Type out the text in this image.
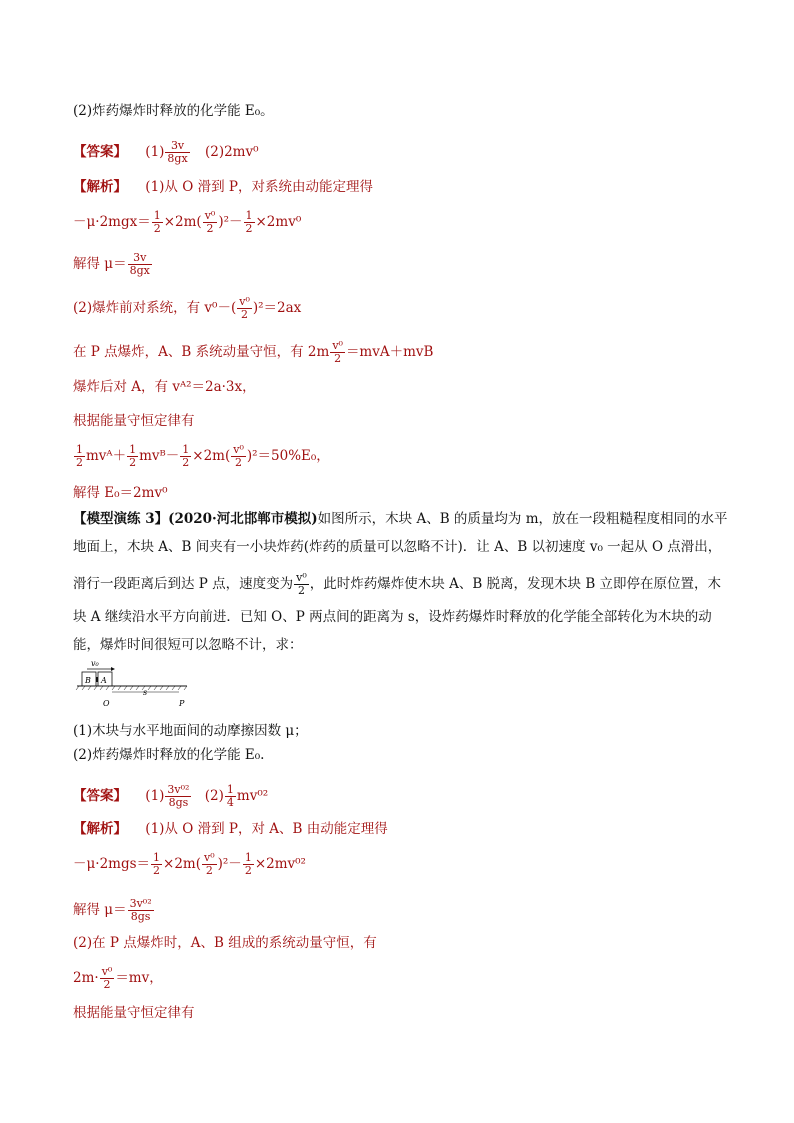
(2)炸药爆炸时释放的化学能 E₀。
【答案】 $(1) \frac{3v}{8gx} (2)2mv^0$
【解析】 (1)从 O 滑到 P，对系统由动能定理得
$-\mu\cdot 2mgx= \frac{1}{2} \times 2m( \frac{\text{v⁰}}{2} )^2- \frac{1}{2} \times 2mv^0$
解得 $\mu= \frac{3v}{8gx}$
(2)爆炸前对系统，有 $v^0-( \frac{\text{v⁰}}{2} )^2=2ax$
在 P 点爆炸，A、B 系统动量守恒，有 $2m \frac{\text{v⁰}}{2} =mvA+mvB$
爆炸后对 A，有 vᴬ²＝2a·3x，
根据能量守恒定律有
$\frac{1}{2}$ mvᴬ＋ $\frac{1}{2}$ mvᴮ－ $\frac{1}{2} \times 2m( \frac{\text{v⁰}}{2} )^2=50\%E_0$，
解得 E₀＝2mv⁰
【模型演练 3】(2020·河北邯郸市模拟)如图所示，木块 A、B 的质量均为 m，放在一段粗糙程度相同的水平
地面上，木块 A、B 间夹有一小块炸药(炸药的质量可以忽略不计)．让 A、B 以初速度 v₀ 一起从 O 点滑出，
滑行一段距离后到达 P 点，速度变为 $\frac{\text{v⁰}}{2}$ ，此时炸药爆炸使木块 A、B 脱离，发现木块 B 立即停在原位置，木
块 A 继续沿水平方向前进．已知 O、P 两点间的距离为 s，设炸药爆炸时释放的化学能全部转化为木块的动
能，爆炸时间很短可以忽略不计，求：
v₀
B A
s
O	P
(1)木块与水平地面间的动摩擦因数 μ；
(2)炸药爆炸时释放的化学能 E₀.
【答案】 $(1) \frac{\text{3v⁰²}}{8gs} (2) \frac{1}{4} mv^{02}$
【解析】 (1)从 O 滑到 P，对 A、B 由动能定理得
$-\mu\cdot 2mgs= \frac{1}{2} \times 2m( \frac{\text{v⁰}}{2} )^2- \frac{1}{2} \times 2mv^{02}$
解得 $\mu= \frac{\text{3v⁰²}}{8gs}$
(2)在 P 点爆炸时，A、B 组成的系统动量守恒，有
$2m\cdot \frac{\text{v⁰}}{2} =mv$，
根据能量守恒定律有
